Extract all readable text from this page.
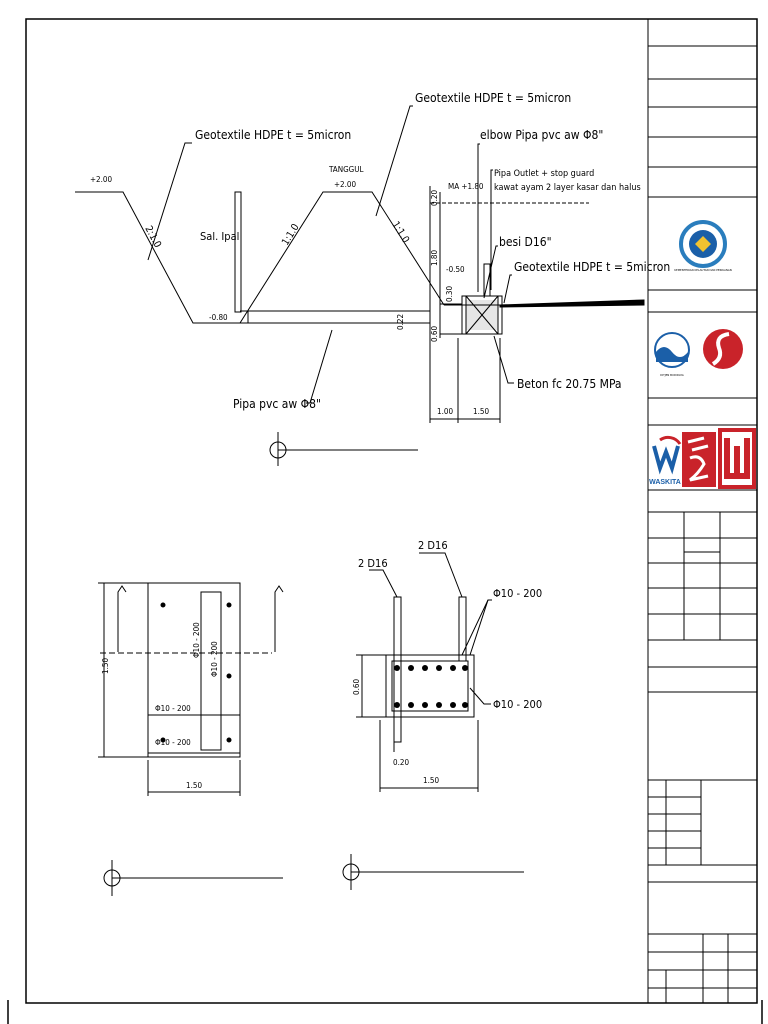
KEMENTERIAN KELAUTAN DAN PERIKANAN
DITJEN BUDIDAYA
WASKITA
Geotextile HDPE t = 5micron
Geotextile HDPE t = 5micron	elbow Pipa pvc aw Φ8"
Pipa Outlet + stop guard
kawat ayam 2 layer kasar dan halus
besi D16"
Geotextile HDPE t = 5micron
Beton fc 20.75 MPa
Pipa pvc aw Φ8"
TANGGUL
+2.00
+2.00
-0.80
MA +1.80
-0.50
Sal. Ipal
2:1.0	1:1.0	1:1.0
0.20
1.80
0.30
0.22
0.60
1.00 1.50
1.50
1.50
Φ10 - 200
Φ10 - 200
Φ10 - 200
Φ10 - 200
2 D16
2 D16
Φ10 - 200
Φ10 - 200
0.60
0.20
1.50
